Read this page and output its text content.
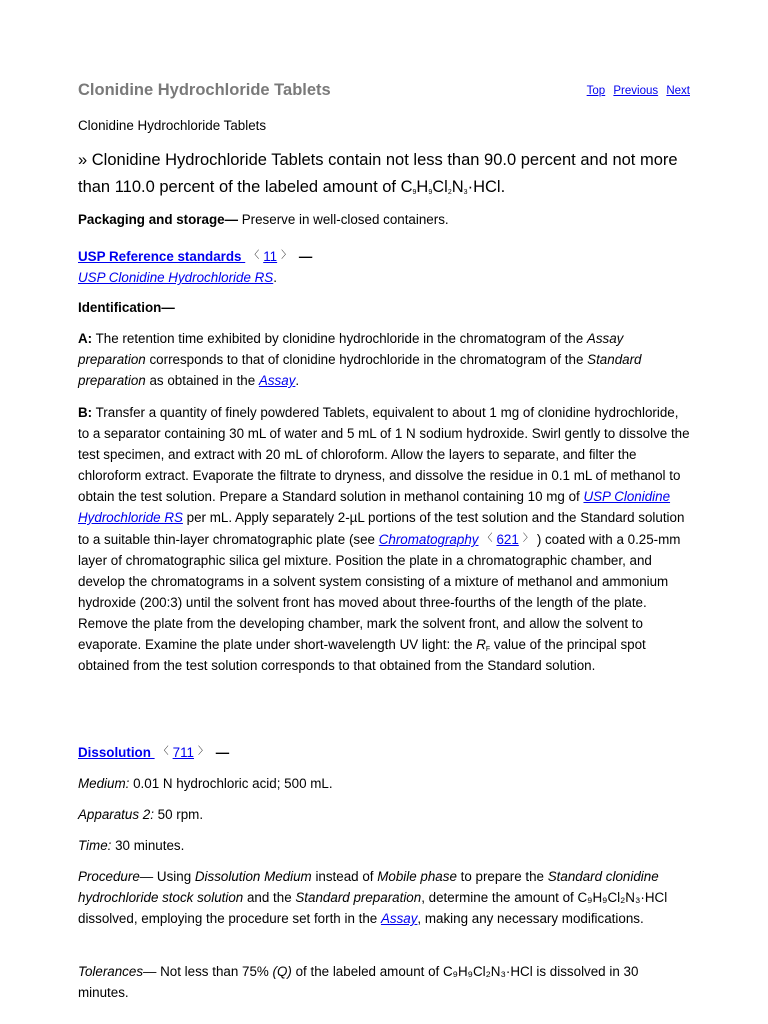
Clonidine Hydrochloride Tablets	Top Previous Next
Clonidine Hydrochloride Tablets

» Clonidine Hydrochloride Tablets contain not less than 90.0 percent and not more than 110.0 percent of the labeled amount of $C_9H_9Cl_2N_3\cdot HCl$.

Packaging and storage— Preserve in well-closed containers.

USP Reference standards 〈 11 〉 —
USP Clonidine Hydrochloride RS.

Identification—

A: The retention time exhibited by clonidine hydrochloride in the chromatogram of the Assay preparation corresponds to that of clonidine hydrochloride in the chromatogram of the Standard preparation as obtained in the Assay.

B: Transfer a quantity of finely powdered Tablets, equivalent to about 1 mg of clonidine hydrochloride, to a separator containing 30 mL of water and 5 mL of 1 N sodium hydroxide. Swirl gently to dissolve the test specimen, and extract with 20 mL of chloroform. Allow the layers to separate, and filter the chloroform extract. Evaporate the filtrate to dryness, and dissolve the residue in 0.1 mL of methanol to obtain the test solution. Prepare a Standard solution in methanol containing 10 mg of USP Clonidine Hydrochloride RS per mL. Apply separately 2-µL portions of the test solution and the Standard solution to a suitable thin-layer chromatographic plate (see Chromatography 〈 621 〉 ) coated with a 0.25-mm layer of chromatographic silica gel mixture. Position the plate in a chromatographic chamber, and develop the chromatograms in a solvent system consisting of a mixture of methanol and ammonium hydroxide (200:3) until the solvent front has moved about three-fourths of the length of the plate. Remove the plate from the developing chamber, mark the solvent front, and allow the solvent to evaporate. Examine the plate under short-wavelength UV light: the $R_F$ value of the principal spot obtained from the test solution corresponds to that obtained from the Standard solution.

Dissolution 〈 711 〉 —

Medium: 0.01 N hydrochloric acid; 500 mL.

Apparatus 2: 50 rpm.

Time: 30 minutes.

Procedure— Using Dissolution Medium instead of Mobile phase to prepare the Standard clonidine hydrochloride stock solution and the Standard preparation, determine the amount of C₉H₉Cl₂N₃·HCl dissolved, employing the procedure set forth in the Assay, making any necessary modifications.

Tolerances— Not less than 75% (Q) of the labeled amount of C₉H₉Cl₂N₃·HCl is dissolved in 30 minutes.
